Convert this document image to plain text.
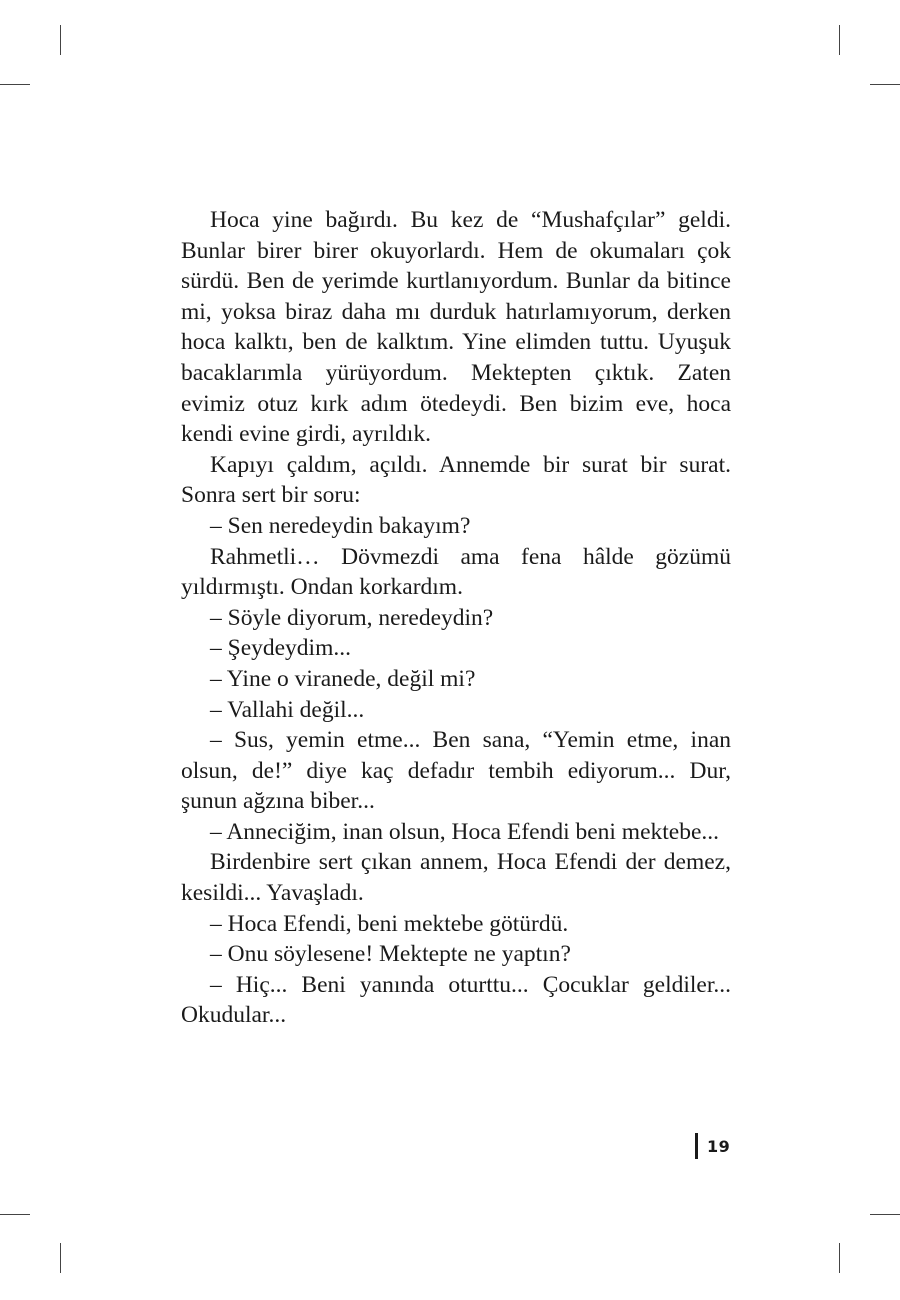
Hoca yine bağırdı. Bu kez de “Mushafçılar” geldi. Bunlar birer birer okuyorlardı. Hem de okumaları çok sürdü. Ben de yerimde kurtlanıyordum. Bunlar da bitince mi, yoksa biraz daha mı durduk hatırlamıyorum, derken hoca kalktı, ben de kalktım. Yine elimden tuttu. Uyuşuk bacaklarımla yürüyordum. Mektepten çıktık. Zaten evimiz otuz kırk adım ötedeydi. Ben bizim eve, hoca kendi evine girdi, ayrıldık.

Kapıyı çaldım, açıldı. Annemde bir surat bir surat. Sonra sert bir soru:

– Sen neredeydin bakayım?

Rahmetli… Dövmezdi ama fena hâlde gözümü yıldırmıştı. Ondan korkardım.

– Söyle diyorum, neredeydin?

– Şeydeydim...

– Yine o viranede, değil mi?

– Vallahi değil...

– Sus, yemin etme... Ben sana, “Yemin etme, inan olsun, de!” diye kaç defadır tembih ediyorum... Dur, şunun ağzına biber...

– Anneciğim, inan olsun, Hoca Efendi beni mektebe...

Birdenbire sert çıkan annem, Hoca Efendi der demez, kesildi... Yavaşladı.

– Hoca Efendi, beni mektebe götürdü.

– Onu söylesene! Mektepte ne yaptın?

– Hiç... Beni yanında oturttu... Çocuklar geldiler... Okudular...

19
